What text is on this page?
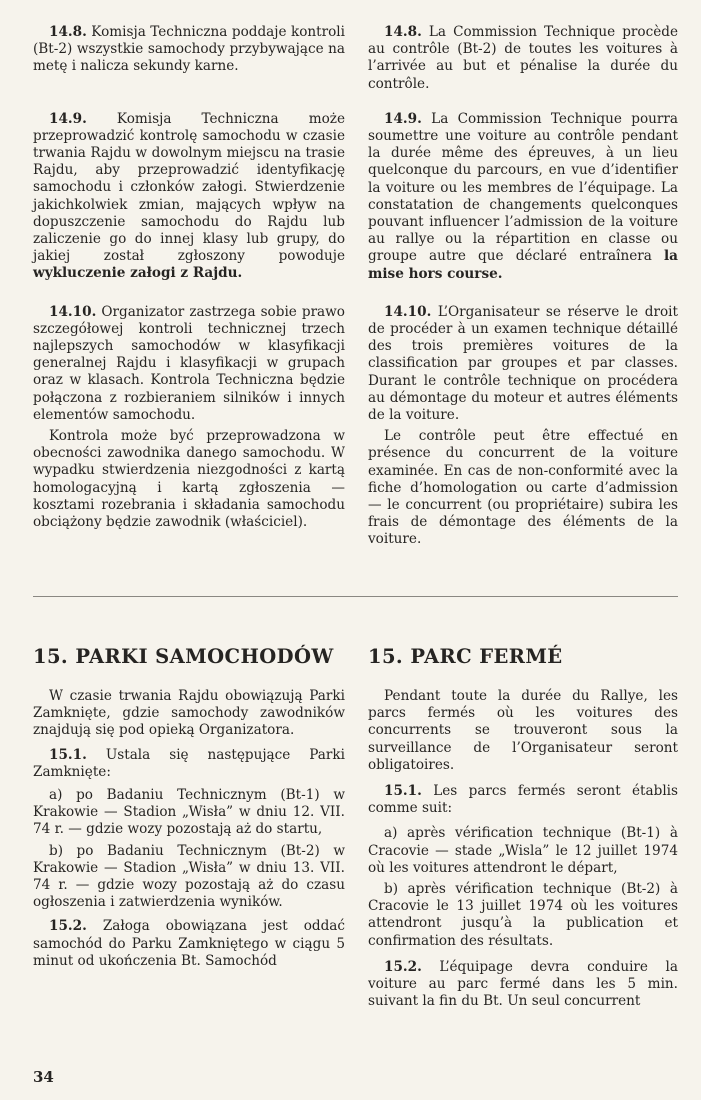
14.8. Komisja Techniczna poddaje kontroli (Bt-2) wszystkie samochody przybywające na metę i nalicza sekundy karne.

14.9. Komisja Techniczna może przeprowadzić kontrolę samochodu w czasie trwania Rajdu w dowolnym miejscu na trasie Rajdu, aby przeprowadzić identyfikację samochodu i członków załogi. Stwierdzenie jakichkolwiek zmian, mających wpływ na dopuszczenie samochodu do Rajdu lub zaliczenie go do innej klasy lub grupy, do jakiej został zgłoszony powoduje wykluczenie załogi z Rajdu.

14.10. Organizator zastrzega sobie prawo szczegółowej kontroli technicznej trzech najlepszych samochodów w klasyfikacji generalnej Rajdu i klasyfikacji w grupach oraz w klasach. Kontrola Techniczna będzie połączona z rozbieraniem silników i innych elementów samochodu.

Kontrola może być przeprowadzona w obecności zawodnika danego samochodu. W wypadku stwierdzenia niezgodności z kartą homologacyjną i kartą zgłoszenia — kosztami rozebrania i składania samochodu obciążony będzie zawodnik (właściciel).

14.8. La Commission Technique procède au contrôle (Bt-2) de toutes les voitures à l’arrivée au but et pénalise la durée du contrôle.

14.9. La Commission Technique pourra soumettre une voiture au contrôle pendant la durée même des épreuves, à un lieu quelconque du parcours, en vue d’identifier la voiture ou les membres de l’équipage. La constatation de changements quelconques pouvant influencer l’admission de la voiture au rallye ou la répartition en classe ou groupe autre que déclaré entraînera la mise hors course.

14.10. L’Organisateur se réserve le droit de procéder à un examen technique détaillé des trois premières voitures de la classification par groupes et par classes. Durant le contrôle technique on procédera au démontage du moteur et autres éléments de la voiture.

Le contrôle peut être effectué en présence du concurrent de la voiture examinée. En cas de non-conformité avec la fiche d’homologation ou carte d’admission — le concurrent (ou propriétaire) subira les frais de démontage des éléments de la voiture.

15. PARKI SAMOCHODÓW 15. PARC FERMÉ

W czasie trwania Rajdu obowiązują Parki Zamknięte, gdzie samochody zawodników znajdują się pod opieką Organizatora.

15.1. Ustala się następujące Parki Zamknięte:

a) po Badaniu Technicznym (Bt-1) w Krakowie — Stadion „Wisła” w dniu 12. VII. 74 r. — gdzie wozy pozostają aż do startu,

b) po Badaniu Technicznym (Bt-2) w Krakowie — Stadion „Wisła” w dniu 13. VII. 74 r. — gdzie wozy pozostają aż do czasu ogłoszenia i zatwierdzenia wyników.

15.2. Załoga obowiązana jest oddać samochód do Parku Zamkniętego w ciągu 5 minut od ukończenia Bt. Samochód

Pendant toute la durée du Rallye, les parcs fermés où les voitures des concurrents se trouveront sous la surveillance de l’Organisateur seront obligatoires.

15.1. Les parcs fermés seront établis comme suit:

a) après vérification technique (Bt-1) à Cracovie — stade „Wisla” le 12 juillet 1974 où les voitures attendront le départ,

b) après vérification technique (Bt-2) à Cracovie le 13 juillet 1974 où les voitures attendront jusqu’à la publication et confirmation des résultats.

15.2. L’équipage devra conduire la voiture au parc fermé dans les 5 min. suivant la fin du Bt. Un seul concurrent

34
